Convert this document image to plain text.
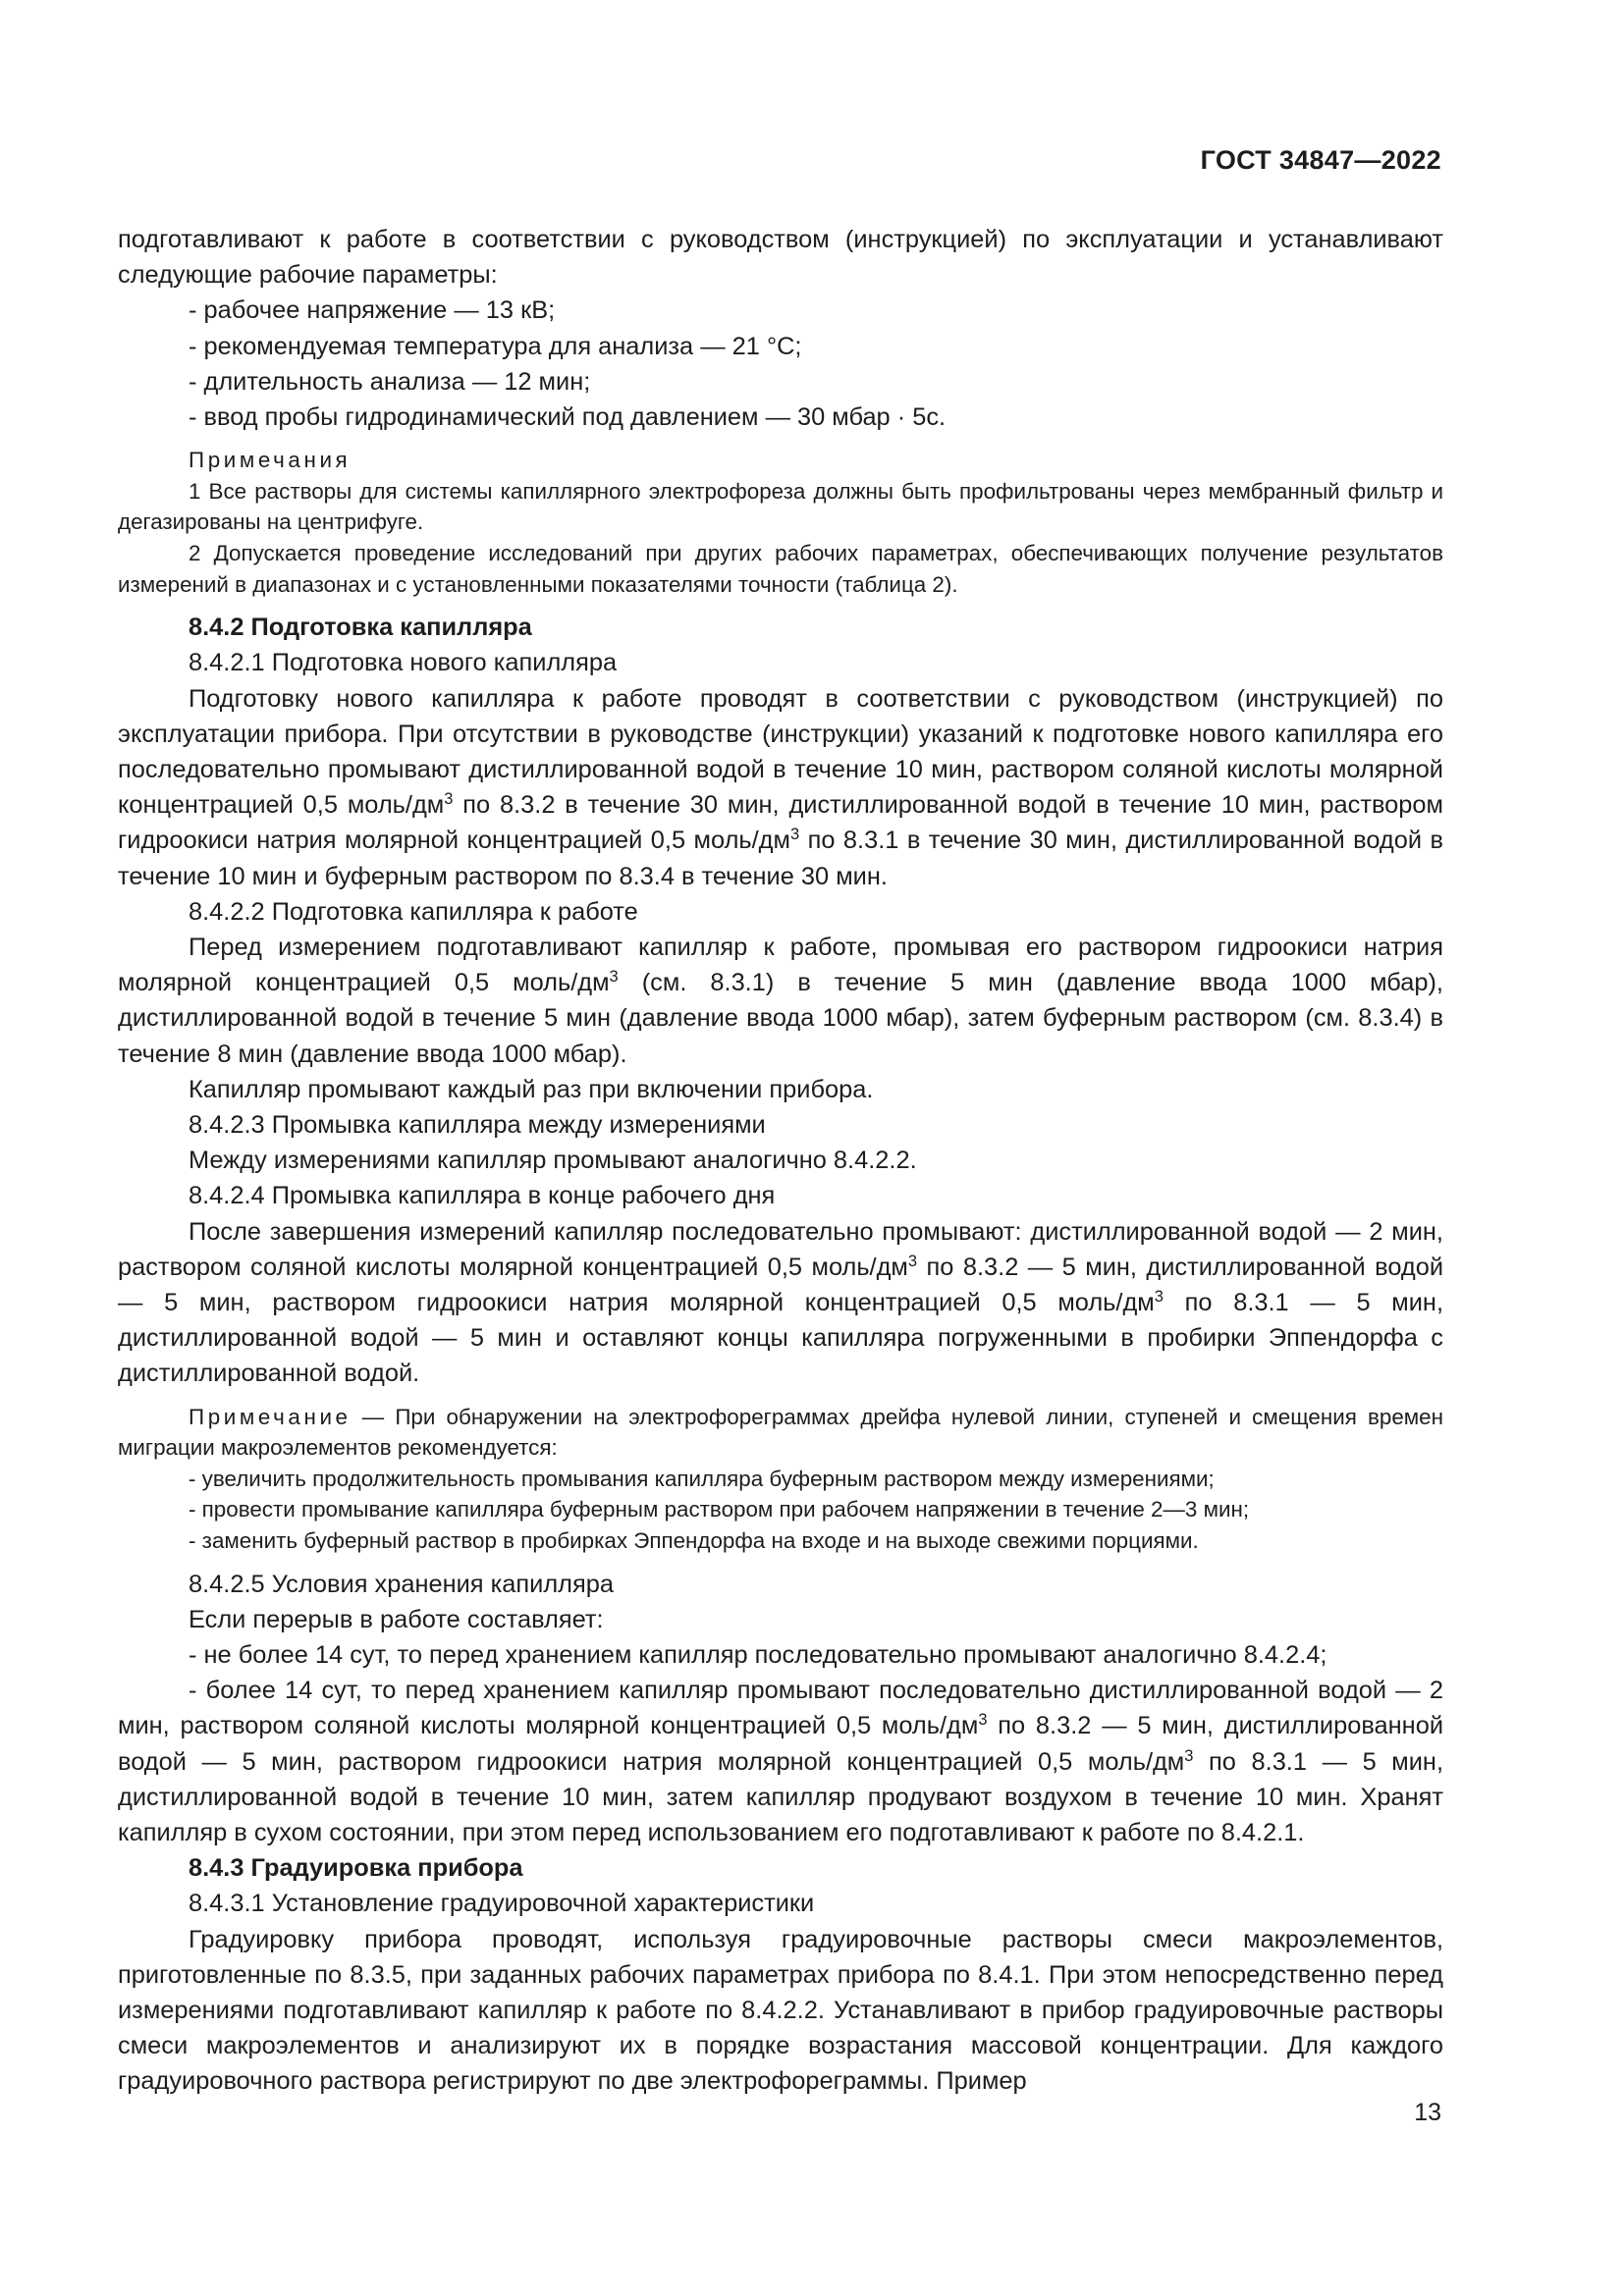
ГОСТ 34847—2022

подготавливают к работе в соответствии с руководством (инструкцией) по эксплуатации и устанавливают следующие рабочие параметры:

- рабочее напряжение — 13 кВ;

- рекомендуемая температура для анализа — 21 °C;

- длительность анализа — 12 мин;

- ввод пробы гидродинамический под давлением — 30 мбар · 5с.

Примечания

1 Все растворы для системы капиллярного электрофореза должны быть профильтрованы через мембранный фильтр и дегазированы на центрифуге.

2 Допускается проведение исследований при других рабочих параметрах, обеспечивающих получение результатов измерений в диапазонах и с установленными показателями точности (таблица 2).

8.4.2 Подготовка капилляра

8.4.2.1 Подготовка нового капилляра

Подготовку нового капилляра к работе проводят в соответствии с руководством (инструкцией) по эксплуатации прибора. При отсутствии в руководстве (инструкции) указаний к подготовке нового капилляра его последовательно промывают дистиллированной водой в течение 10 мин, раствором соляной кислоты молярной концентрацией 0,5 моль/$дм^3$ по 8.3.2 в течение 30 мин, дистиллированной водой в течение 10 мин, раствором гидроокиси натрия молярной концентрацией 0,5 моль/$дм^3$ по 8.3.1 в течение 30 мин, дистиллированной водой в течение 10 мин и буферным раствором по 8.3.4 в течение 30 мин.

8.4.2.2 Подготовка капилляра к работе

Перед измерением подготавливают капилляр к работе, промывая его раствором гидроокиси натрия молярной концентрацией 0,5 моль/$дм^3$ (см. 8.3.1) в течение 5 мин (давление ввода 1000 мбар), дистиллированной водой в течение 5 мин (давление ввода 1000 мбар), затем буферным раствором (см. 8.3.4) в течение 8 мин (давление ввода 1000 мбар).

Капилляр промывают каждый раз при включении прибора.

8.4.2.3 Промывка капилляра между измерениями

Между измерениями капилляр промывают аналогично 8.4.2.2.

8.4.2.4 Промывка капилляра в конце рабочего дня

После завершения измерений капилляр последовательно промывают: дистиллированной водой — 2 мин, раствором соляной кислоты молярной концентрацией 0,5 моль/$дм^3$ по 8.3.2 — 5 мин, дистиллированной водой — 5 мин, раствором гидроокиси натрия молярной концентрацией 0,5 моль/$дм^3$ по 8.3.1 — 5 мин, дистиллированной водой — 5 мин и оставляют концы капилляра погруженными в пробирки Эппендорфа с дистиллированной водой.

Примечание — При обнаружении на электрофореграммах дрейфа нулевой линии, ступеней и смещения времен миграции макроэлементов рекомендуется:

- увеличить продолжительность промывания капилляра буферным раствором между измерениями;

- провести промывание капилляра буферным раствором при рабочем напряжении в течение 2—3 мин;

- заменить буферный раствор в пробирках Эппендорфа на входе и на выходе свежими порциями.

8.4.2.5 Условия хранения капилляра

Если перерыв в работе составляет:

- не более 14 сут, то перед хранением капилляр последовательно промывают аналогично 8.4.2.4;

- более 14 сут, то перед хранением капилляр промывают последовательно дистиллированной водой — 2 мин, раствором соляной кислоты молярной концентрацией 0,5 моль/$дм^3$ по 8.3.2 — 5 мин, дистиллированной водой — 5 мин, раствором гидроокиси натрия молярной концентрацией 0,5 моль/$дм^3$ по 8.3.1 — 5 мин, дистиллированной водой в течение 10 мин, затем капилляр продувают воздухом в течение 10 мин. Хранят капилляр в сухом состоянии, при этом перед использованием его подготавливают к работе по 8.4.2.1.

8.4.3 Градуировка прибора

8.4.3.1 Установление градуировочной характеристики

Градуировку прибора проводят, используя градуировочные растворы смеси макроэлементов, приготовленные по 8.3.5, при заданных рабочих параметрах прибора по 8.4.1. При этом непосредственно перед измерениями подготавливают капилляр к работе по 8.4.2.2. Устанавливают в прибор градуировочные растворы смеси макроэлементов и анализируют их в порядке возрастания массовой концентрации. Для каждого градуировочного раствора регистрируют по две электрофореграммы. Пример

13
